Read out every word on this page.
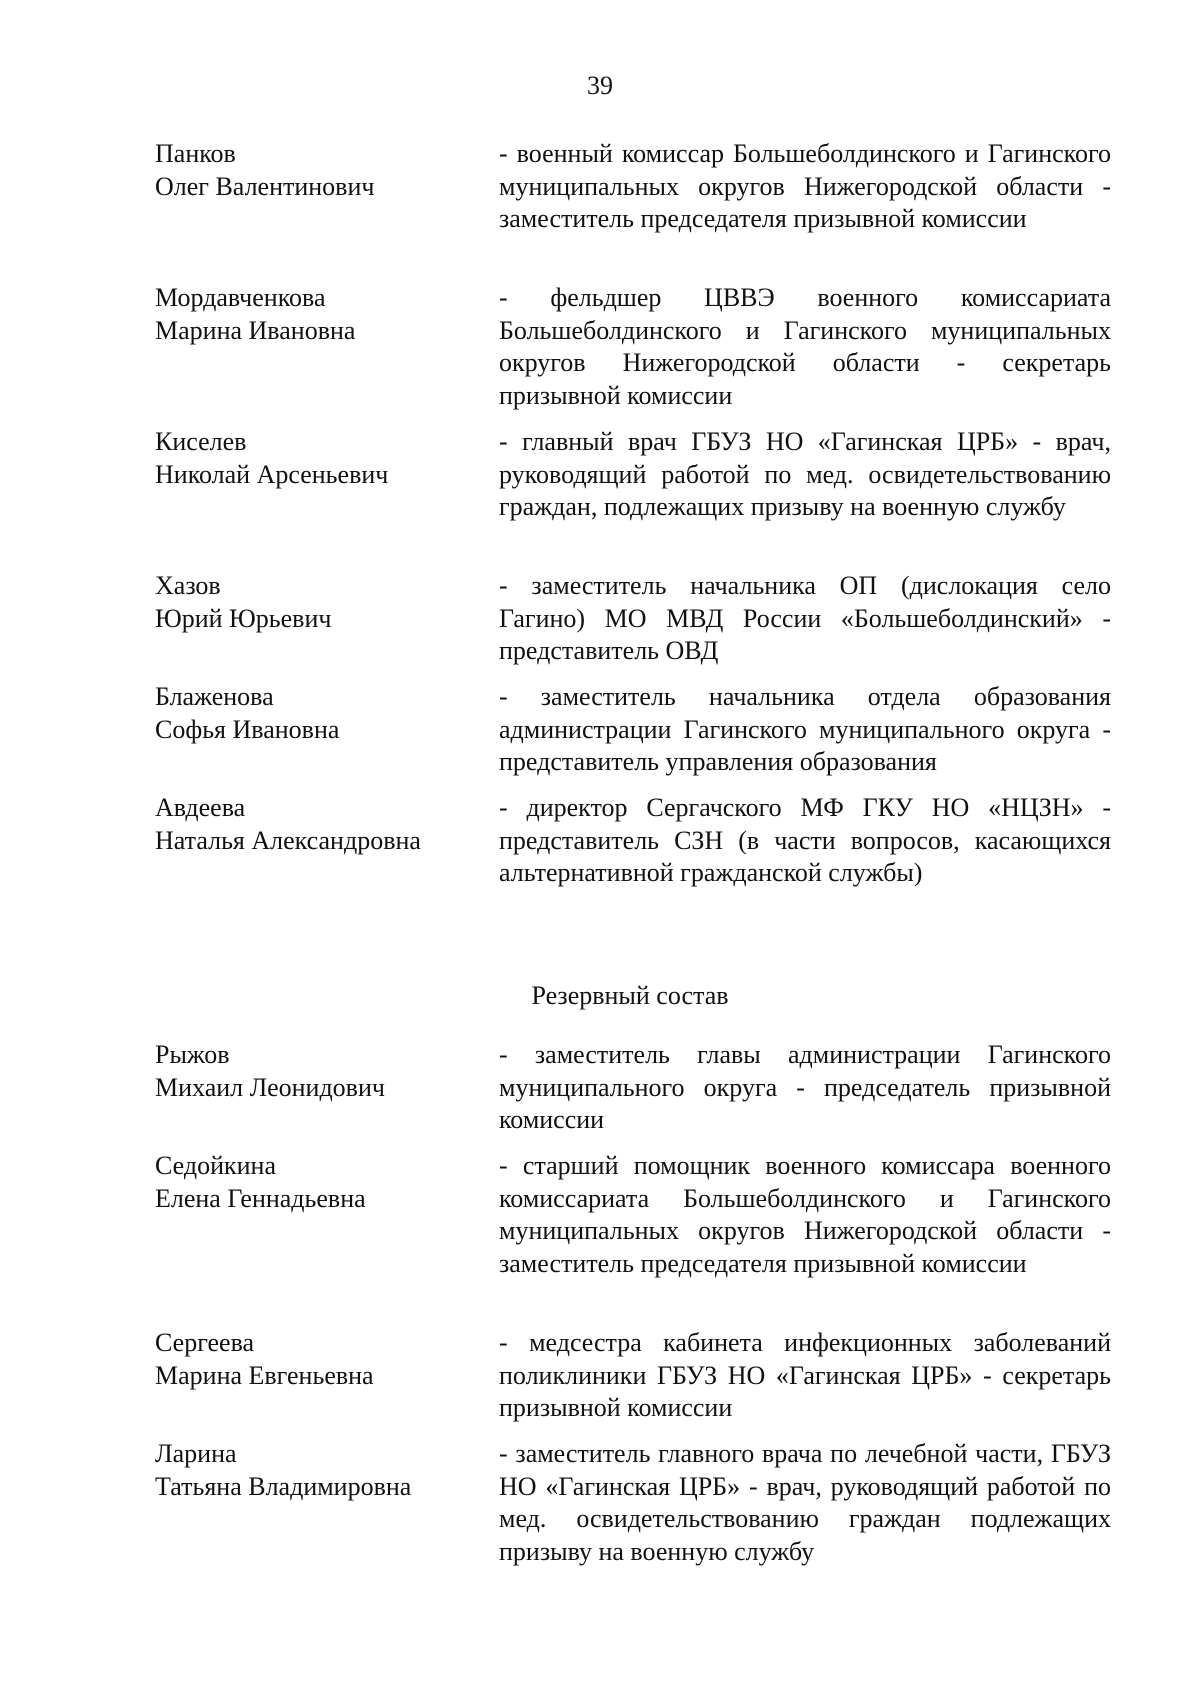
39
Панков
Олег Валентинович
- военный комиссар Большеболдинского и Гагинского муниципальных округов Нижегородской области - заместитель председателя призывной комиссии
Мордавченкова
Марина Ивановна
- фельдшер ЦВВЭ военного комиссариата Большеболдинского и Гагинского муниципальных округов Нижегородской области - секретарь призывной комиссии
Киселев
Николай Арсеньевич
- главный врач ГБУЗ НО «Гагинская ЦРБ» - врач, руководящий работой по мед. освидетельствованию граждан, подлежащих призыву на военную службу
Хазов
Юрий Юрьевич
- заместитель начальника ОП (дислокация село Гагино) МО МВД России «Большеболдинский» - представитель ОВД
Блаженова
Софья Ивановна
- заместитель начальника отдела образования администрации Гагинского муниципального округа - представитель управления образования
Авдеева
Наталья Александровна
- директор Сергачского МФ ГКУ НО «НЦЗН» - представитель СЗН (в части вопросов, касающихся альтернативной гражданской службы)
Резервный состав
Рыжов
Михаил Леонидович
- заместитель главы администрации Гагинского муниципального округа - председатель призывной комиссии
Седойкина
Елена Геннадьевна
- старший помощник военного комиссара военного комиссариата Большеболдинского и Гагинского муниципальных округов Нижегородской области - заместитель председателя призывной комиссии
Сергеева
Марина Евгеньевна
- медсестра кабинета инфекционных заболеваний поликлиники ГБУЗ НО «Гагинская ЦРБ» - секретарь призывной комиссии
Ларина
Татьяна Владимировна
- заместитель главного врача по лечебной части, ГБУЗ НО «Гагинская ЦРБ» - врач, руководящий работой по мед. освидетельствованию граждан подлежащих призыву на военную службу
